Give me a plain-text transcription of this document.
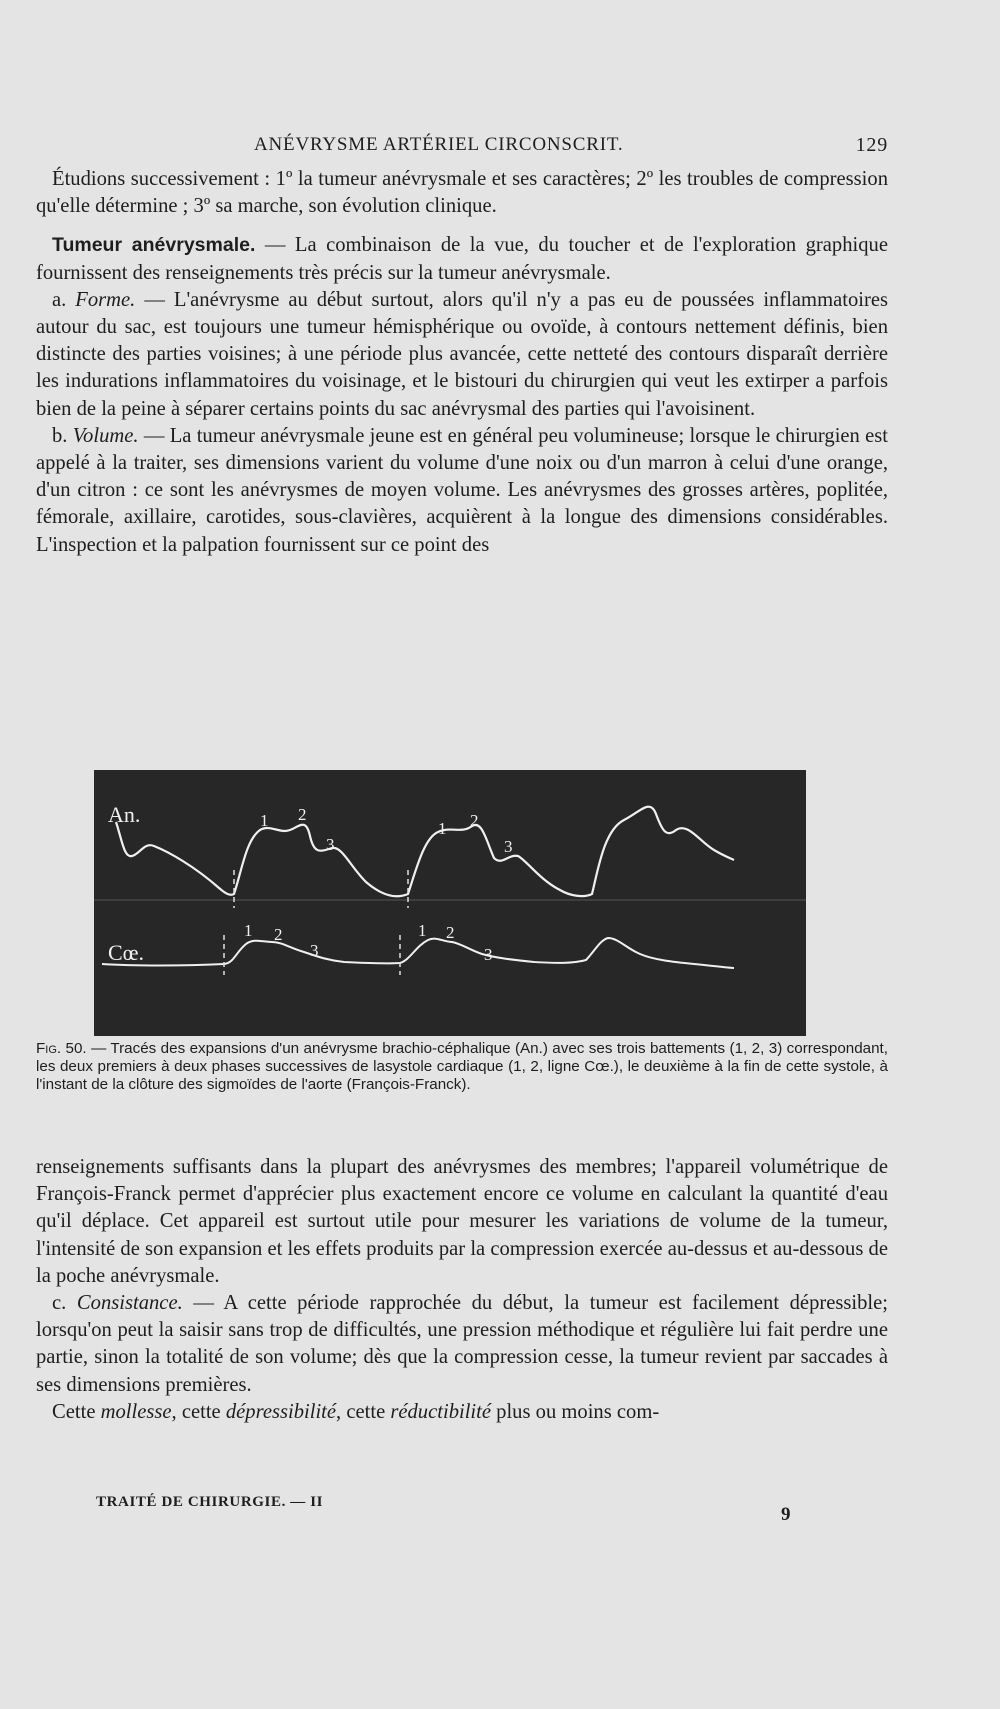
ANÉVRYSME ARTÉRIEL CIRCONSCRIT.	129

Étudions successivement : 1º la tumeur anévrysmale et ses caractères; 2º les troubles de compression qu'elle détermine ; 3º sa marche, son évolution clinique.

Tumeur anévrysmale. — La combinaison de la vue, du toucher et de l'exploration graphique fournissent des renseignements très précis sur la tumeur anévrysmale.

a. Forme. — L'anévrysme au début surtout, alors qu'il n'y a pas eu de poussées inflammatoires autour du sac, est toujours une tumeur hémisphérique ou ovoïde, à contours nettement définis, bien distincte des parties voisines; à une période plus avancée, cette netteté des contours disparaît derrière les indurations inflammatoires du voisinage, et le bistouri du chirurgien qui veut les extirper a parfois bien de la peine à séparer certains points du sac anévrysmal des parties qui l'avoisinent.

b. Volume. — La tumeur anévrysmale jeune est en général peu volumineuse; lorsque le chirurgien est appelé à la traiter, ses dimensions varient du volume d'une noix ou d'un marron à celui d'une orange, d'un citron : ce sont les anévrysmes de moyen volume. Les anévrysmes des grosses artères, poplitée, fémorale, axillaire, carotides, sous-clavières, acquièrent à la longue des dimensions considérables. L'inspection et la palpation fournissent sur ce point des

An.
Cœ.
1 2
3
1 2
3
1 2
3
1 2
3
Fig. 50. — Tracés des expansions d'un anévrysme brachio-céphalique (An.) avec ses trois battements (1, 2, 3) correspondant, les deux premiers à deux phases successives de lasystole cardiaque (1, 2, ligne Cœ.), le deuxième à la fin de cette systole, à l'instant de la clôture des sigmoïdes de l'aorte (François-Franck).

renseignements suffisants dans la plupart des anévrysmes des membres; l'appareil volumétrique de François-Franck permet d'apprécier plus exactement encore ce volume en calculant la quantité d'eau qu'il déplace. Cet appareil est surtout utile pour mesurer les variations de volume de la tumeur, l'intensité de son expansion et les effets produits par la compression exercée au-dessus et au-dessous de la poche anévrysmale.

c. Consistance. — A cette période rapprochée du début, la tumeur est facilement dépressible; lorsqu'on peut la saisir sans trop de difficultés, une pression méthodique et régulière lui fait perdre une partie, sinon la totalité de son volume; dès que la compression cesse, la tumeur revient par saccades à ses dimensions premières.

Cette mollesse, cette dépressibilité, cette réductibilité plus ou moins com-

TRAITÉ DE CHIRURGIE. — II
9
